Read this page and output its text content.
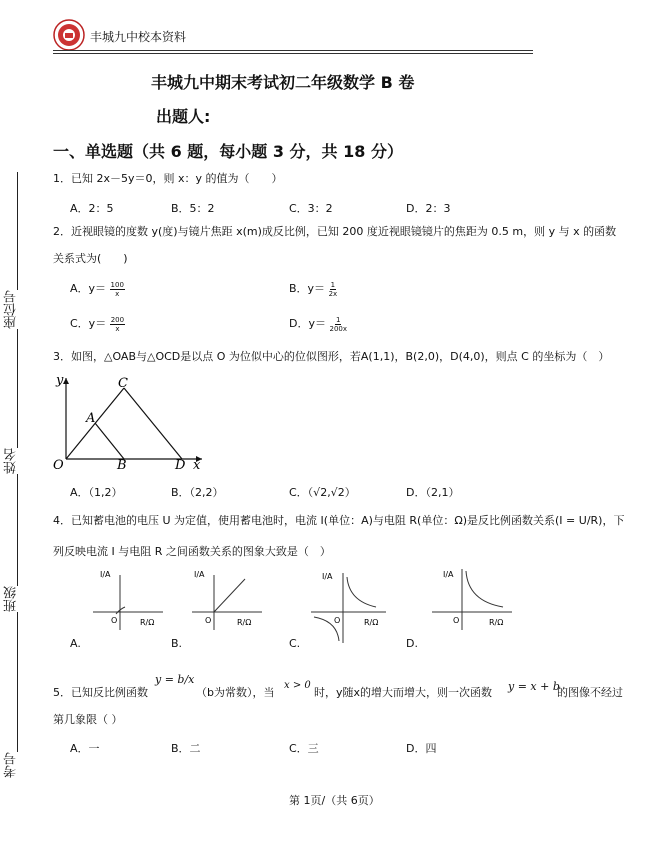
丰城九中校本资料
丰城九中期末考试初二年级数学 B 卷
出题人:
一、单选题（共 6 题，每小题 3 分，共 18 分）
座位号
姓名
班级
考号
1．已知 2x－5y＝0，则 x：y 的值为（　　）
A．2：5	B．5：2	C．3：2	D．2：3
2．近视眼镜的度数 y(度)与镜片焦距 x(m)成反比例，已知 200 度近视眼镜镜片的焦距为 0.5 m，则 y 与 x 的函数
关系式为(　　)
A．$y= \frac{100}{x}$	B．$y= \frac{1}{2x}$
C．$y= \frac{200}{x}$	D．$y= \frac{1}{200x}$
3．如图，△OAB与△OCD是以点 O 为位似中心的位似图形，若A(1,1)，B(2,0)，D(4,0)，则点 C 的坐标为（　）
y
x
O
A
B
C
D
A．（1,2）	B．（2,2）	C．（√2,√2）	D．（2,1）
4．已知蓄电池的电压 U 为定值，使用蓄电池时，电流 I(单位：A)与电阻 R(单位：Ω)是反比例函数关系(I = U/R)，下
列反映电流 I 与电阻 R 之间函数关系的图象大致是（　）
I/A
R/Ω
O
I/A
R/Ω
O
I/A
R/Ω
O
I/A
R/Ω
O
A.	B.	C.	D.
5．已知反比例函数
y = b/x
（b为常数），当
x > 0
时，y随x的增大而增大，则一次函数 y = x + b
的图像不经过
第几象限（ ）
A．一	B．二	C．三	D．四
第 1页/（共 6页）
